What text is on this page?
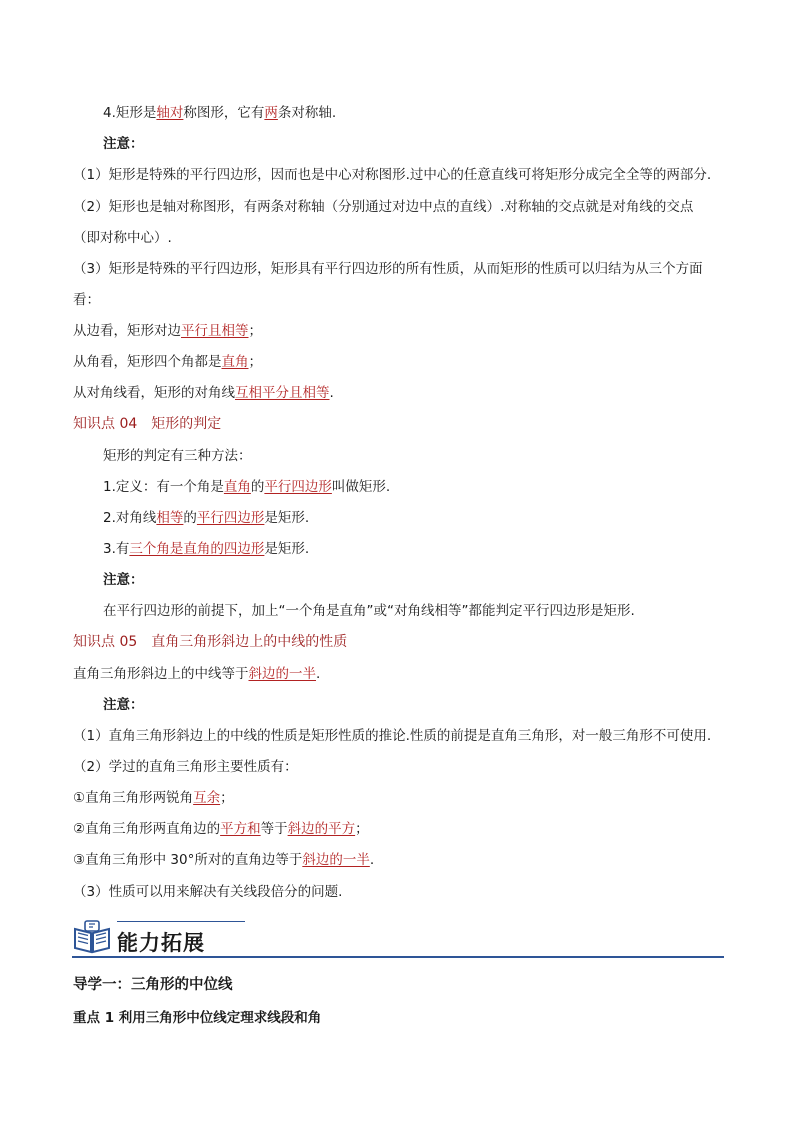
4.矩形是轴对称图形，它有两条对称轴.
注意：
（1）矩形是特殊的平行四边形，因而也是中心对称图形.过中心的任意直线可将矩形分成完全全等的两部分.
（2）矩形也是轴对称图形，有两条对称轴（分别通过对边中点的直线）.对称轴的交点就是对角线的交点
（即对称中心）.
（3）矩形是特殊的平行四边形，矩形具有平行四边形的所有性质，从而矩形的性质可以归结为从三个方面
看：
从边看，矩形对边平行且相等；
从角看，矩形四个角都是直角；
从对角线看，矩形的对角线互相平分且相等.
知识点 04 矩形的判定
矩形的判定有三种方法：
1.定义：有一个角是直角的平行四边形叫做矩形.
2.对角线相等的平行四边形是矩形.
3.有三个角是直角的四边形是矩形.
注意：
在平行四边形的前提下，加上“一个角是直角”或“对角线相等”都能判定平行四边形是矩形.
知识点 05 直角三角形斜边上的中线的性质
直角三角形斜边上的中线等于斜边的一半.
注意：
（1）直角三角形斜边上的中线的性质是矩形性质的推论.性质的前提是直角三角形，对一般三角形不可使用.
（2）学过的直角三角形主要性质有：
①直角三角形两锐角互余；
②直角三角形两直角边的平方和等于斜边的平方；
③直角三角形中 30°所对的直角边等于斜边的一半.
（3）性质可以用来解决有关线段倍分的问题.
能力拓展
导学一：三角形的中位线
重点 1 利用三角形中位线定理求线段和角
